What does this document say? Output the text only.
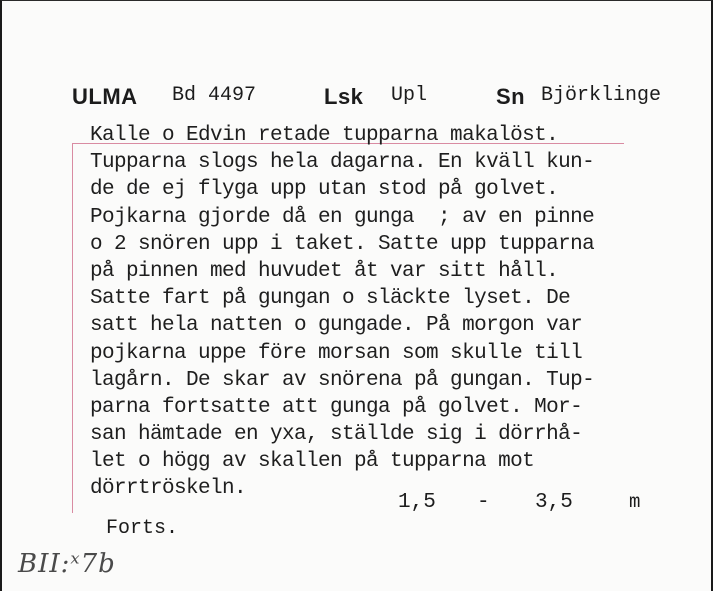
ULMA Bd 4497	Lsk Upl	Sn Björklinge
Kalle o Edvin retade tupparna makalöst.
Tupparna slogs hela dagarna. En kväll kun-
de de ej flyga upp utan stod på golvet.
Pojkarna gjorde då en gunga  ; av en pinne
o 2 snören upp i taket. Satte upp tupparna
på pinnen med huvudet åt var sitt håll.
Satte fart på gungan o släckte lyset. De
satt hela natten o gungade. På morgon var
pojkarna uppe före morsan som skulle till
lagårn. De skar av snörena på gungan. Tup-
parna fortsatte att gunga på golvet. Mor-
san hämtade en yxa, ställde sig i dörrhå-
let o högg av skallen på tupparna mot
dörrtröskeln.
1,5 - 3,5	m
Forts.
BII:ˣ7b
